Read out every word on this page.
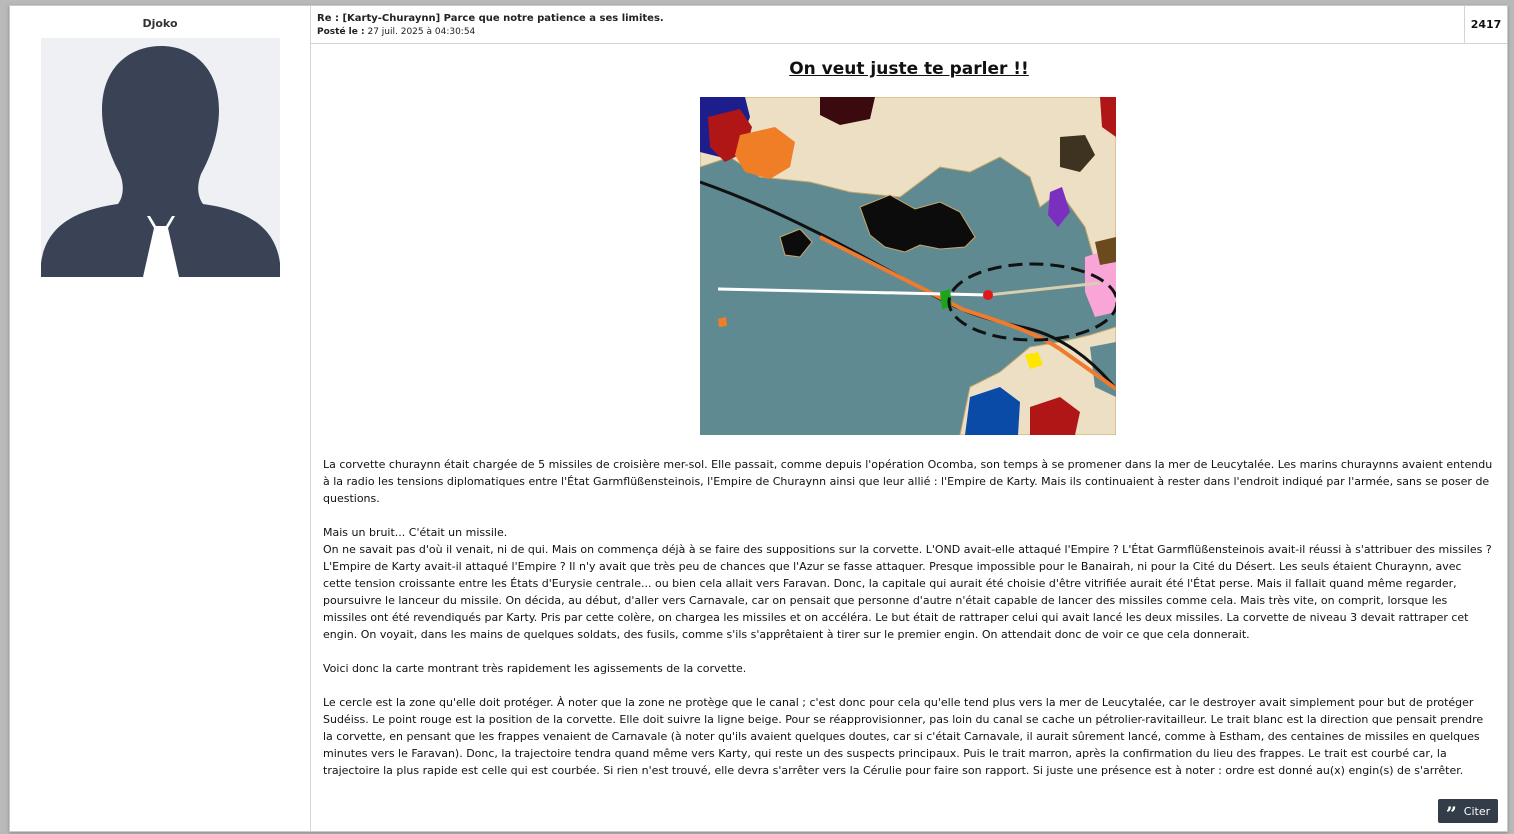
Djoko	Re : [Karty-Churaynn] Parce que notre patience a ses limites.
Posté le : 27 juil. 2025 à 04:30:54
2417
On veut juste te parler !!

La corvette churaynn était chargée de 5 missiles de croisière mer-sol. Elle passait, comme depuis l'opération Ocomba, son temps à se promener dans la mer de Leucytalée. Les marins churaynns avaient entendu à la radio les tensions diplomatiques entre l'État Garmflüßensteinois, l'Empire de Churaynn ainsi que leur allié : l'Empire de Karty. Mais ils continuaient à rester dans l'endroit indiqué par l'armée, sans se poser de questions.

Mais un bruit... C'était un missile.
On ne savait pas d'où il venait, ni de qui. Mais on commença déjà à se faire des suppositions sur la corvette. L'OND avait-elle attaqué l'Empire ? L'État Garmflüßensteinois avait-il réussi à s'attribuer des missiles ? L'Empire de Karty avait-il attaqué l'Empire ? Il n'y avait que très peu de chances que l'Azur se fasse attaquer. Presque impossible pour le Banairah, ni pour la Cité du Désert. Les seuls étaient Churaynn, avec cette tension croissante entre les États d'Eurysie centrale... ou bien cela allait vers Faravan. Donc, la capitale qui aurait été choisie d'être vitrifiée aurait été l'État perse. Mais il fallait quand même regarder, poursuivre le lanceur du missile. On décida, au début, d'aller vers Carnavale, car on pensait que personne d'autre n'était capable de lancer des missiles comme cela. Mais très vite, on comprit, lorsque les missiles ont été revendiqués par Karty. Pris par cette colère, on chargea les missiles et on accéléra. Le but était de rattraper celui qui avait lancé les deux missiles. La corvette de niveau 3 devait rattraper cet engin. On voyait, dans les mains de quelques soldats, des fusils, comme s'ils s'apprêtaient à tirer sur le premier engin. On attendait donc de voir ce que cela donnerait.

Voici donc la carte montrant très rapidement les agissements de la corvette.

Le cercle est la zone qu'elle doit protéger. À noter que la zone ne protège que le canal ; c'est donc pour cela qu'elle tend plus vers la mer de Leucytalée, car le destroyer avait simplement pour but de protéger Sudéiss. Le point rouge est la position de la corvette. Elle doit suivre la ligne beige. Pour se réapprovisionner, pas loin du canal se cache un pétrolier-ravitailleur. Le trait blanc est la direction que pensait prendre la corvette, en pensant que les frappes venaient de Carnavale (à noter qu'ils avaient quelques doutes, car si c'était Carnavale, il aurait sûrement lancé, comme à Estham, des centaines de missiles en quelques minutes vers le Faravan). Donc, la trajectoire tendra quand même vers Karty, qui reste un des suspects principaux. Puis le trait marron, après la confirmation du lieu des frappes. Le trait est courbé car, la trajectoire la plus rapide est celle qui est courbée. Si rien n'est trouvé, elle devra s'arrêter vers la Cérulie pour faire son rapport. Si juste une présence est à noter : ordre est donné au(x) engin(s) de s'arrêter.

” Citer
